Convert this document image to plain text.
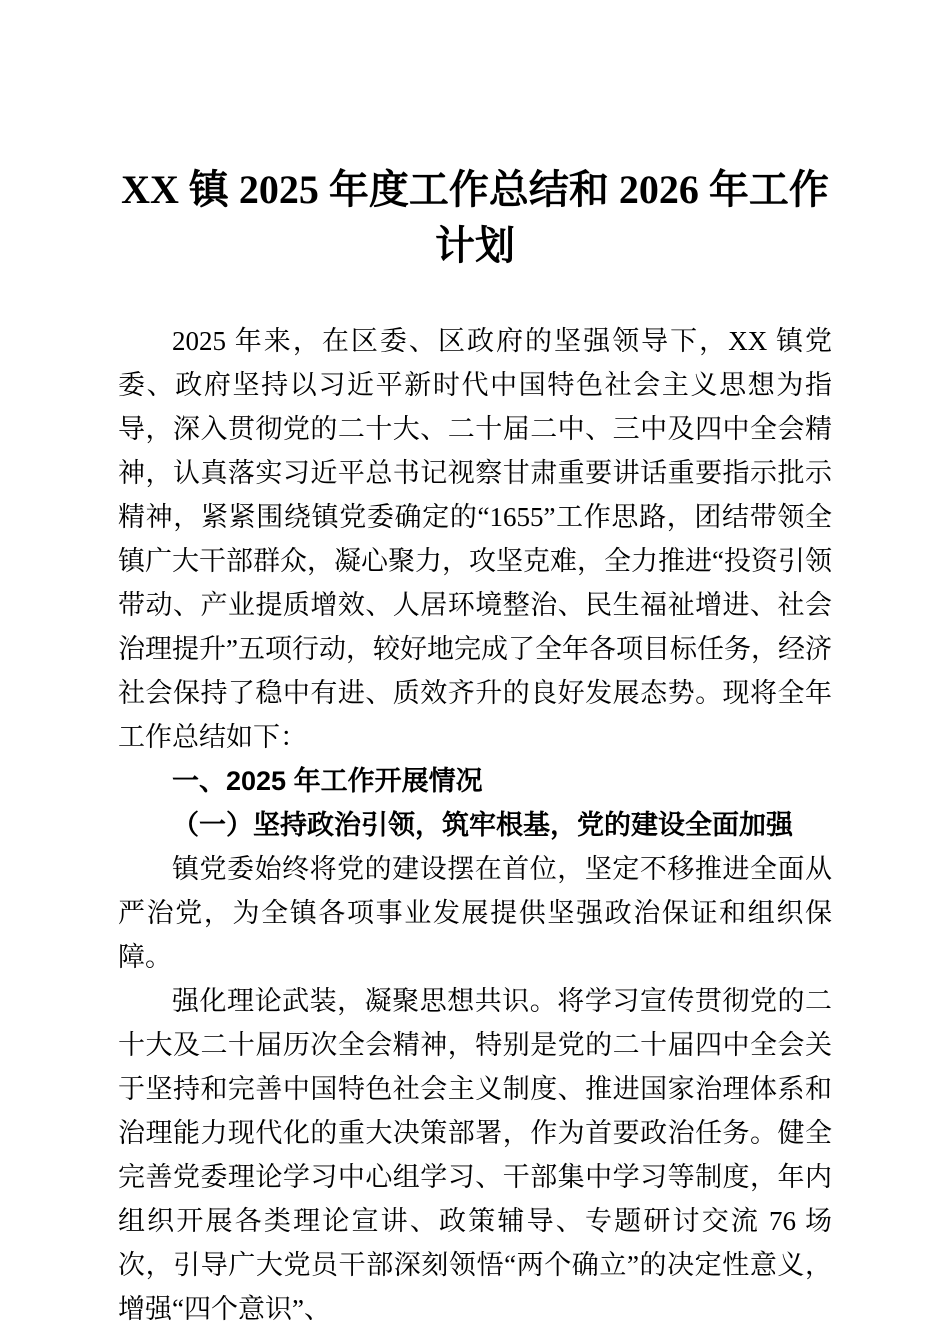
XX 镇 2025 年度工作总结和 2026 年工作计划

2025 年来，在区委、区政府的坚强领导下，XX 镇党委、政府坚持以习近平新时代中国特色社会主义思想为指导，深入贯彻党的二十大、二十届二中、三中及四中全会精神，认真落实习近平总书记视察甘肃重要讲话重要指示批示精神，紧紧围绕镇党委确定的“1655”工作思路，团结带领全镇广大干部群众，凝心聚力，攻坚克难，全力推进“投资引领带动、产业提质增效、人居环境整治、民生福祉增进、社会治理提升”五项行动，较好地完成了全年各项目标任务，经济社会保持了稳中有进、质效齐升的良好发展态势。现将全年工作总结如下：

一、2025 年工作开展情况

（一）坚持政治引领，筑牢根基，党的建设全面加强

镇党委始终将党的建设摆在首位，坚定不移推进全面从严治党，为全镇各项事业发展提供坚强政治保证和组织保障。

强化理论武装，凝聚思想共识。将学习宣传贯彻党的二十大及二十届历次全会精神，特别是党的二十届四中全会关于坚持和完善中国特色社会主义制度、推进国家治理体系和治理能力现代化的重大决策部署，作为首要政治任务。健全完善党委理论学习中心组学习、干部集中学习等制度，年内组织开展各类理论宣讲、政策辅导、专题研讨交流 76 场次，引导广大党员干部深刻领悟“两个确立”的决定性意义，增强“四个意识”、
